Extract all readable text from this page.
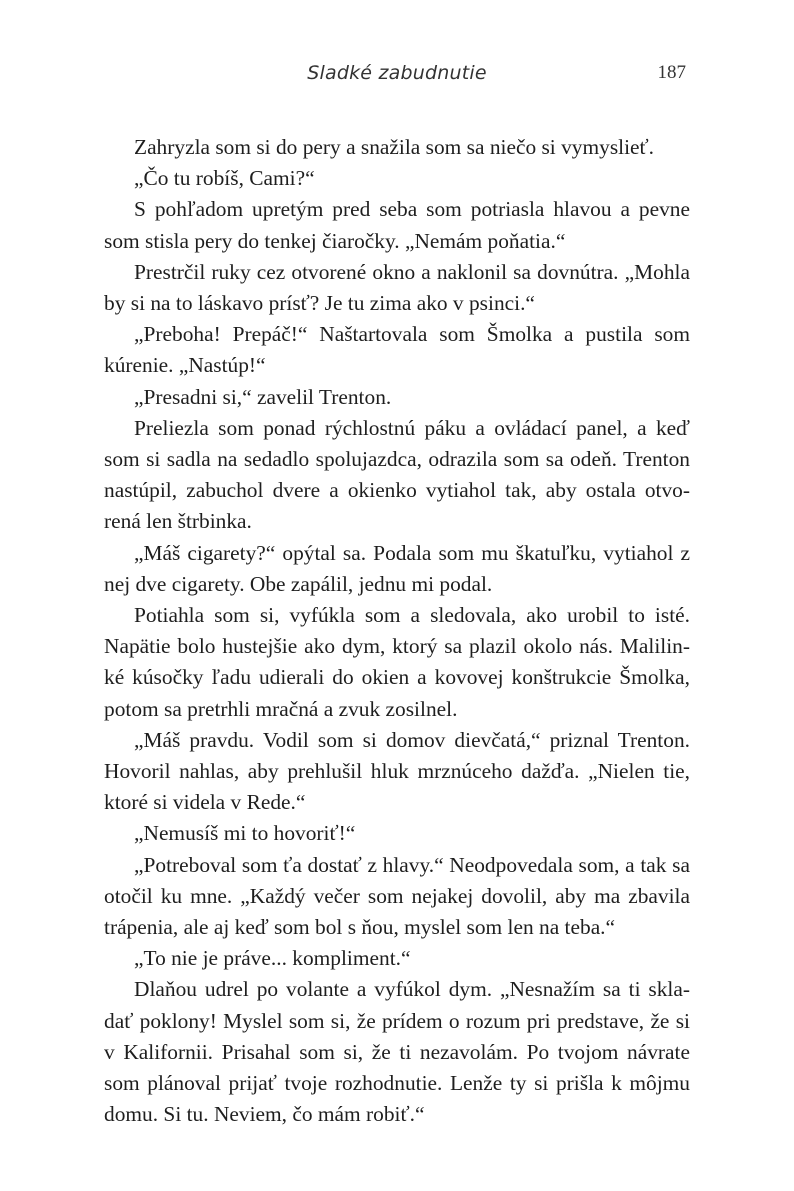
Sladké zabudnutie	187

Zahryzla som si do pery a snažila som sa niečo si vymyslieť.

„Čo tu robíš, Cami?“

S pohľadom upretým pred seba som potriasla hlavou a pevne som stisla pery do tenkej čiaročky. „Nemám poňatia.“

Prestrčil ruky cez otvorené okno a naklonil sa dovnútra. „Mohla by si na to láskavo prísť? Je tu zima ako v psinci.“

„Preboha! Prepáč!“ Naštartovala som Šmolka a pustila som kúrenie. „Nastúp!“

„Presadni si,“ zavelil Trenton.

Preliezla som ponad rýchlostnú páku a ovládací panel, a keď som si sadla na sedadlo spolujazdca, odrazila som sa odeň. Trenton nastúpil, zabuchol dvere a okienko vytiahol tak, aby ostala otvo- rená len štrbinka.

„Máš cigarety?“ opýtal sa. Podala som mu škatuľku, vytiahol z nej dve cigarety. Obe zapálil, jednu mi podal.

Potiahla som si, vyfúkla som a sledovala, ako urobil to isté. Napätie bolo hustejšie ako dym, ktorý sa plazil okolo nás. Malilin- ké kúsočky ľadu udierali do okien a kovovej konštrukcie Šmolka, potom sa pretrhli mračná a zvuk zosilnel.

„Máš pravdu. Vodil som si domov dievčatá,“ priznal Trenton. Hovoril nahlas, aby prehlušil hluk mrznúceho dažďa. „Nielen tie, ktoré si videla v Rede.“

„Nemusíš mi to hovoriť!“

„Potreboval som ťa dostať z hlavy.“ Neodpovedala som, a tak sa otočil ku mne. „Každý večer som nejakej dovolil, aby ma zbavila trápenia, ale aj keď som bol s ňou, myslel som len na teba.“

„To nie je práve... kompliment.“

Dlaňou udrel po volante a vyfúkol dym. „Nesnažím sa ti skla- dať poklony! Myslel som si, že prídem o rozum pri predstave, že si v Kalifornii. Prisahal som si, že ti nezavolám. Po tvojom návrate som plánoval prijať tvoje rozhodnutie. Lenže ty si prišla k môjmu domu. Si tu. Neviem, čo mám robiť.“
